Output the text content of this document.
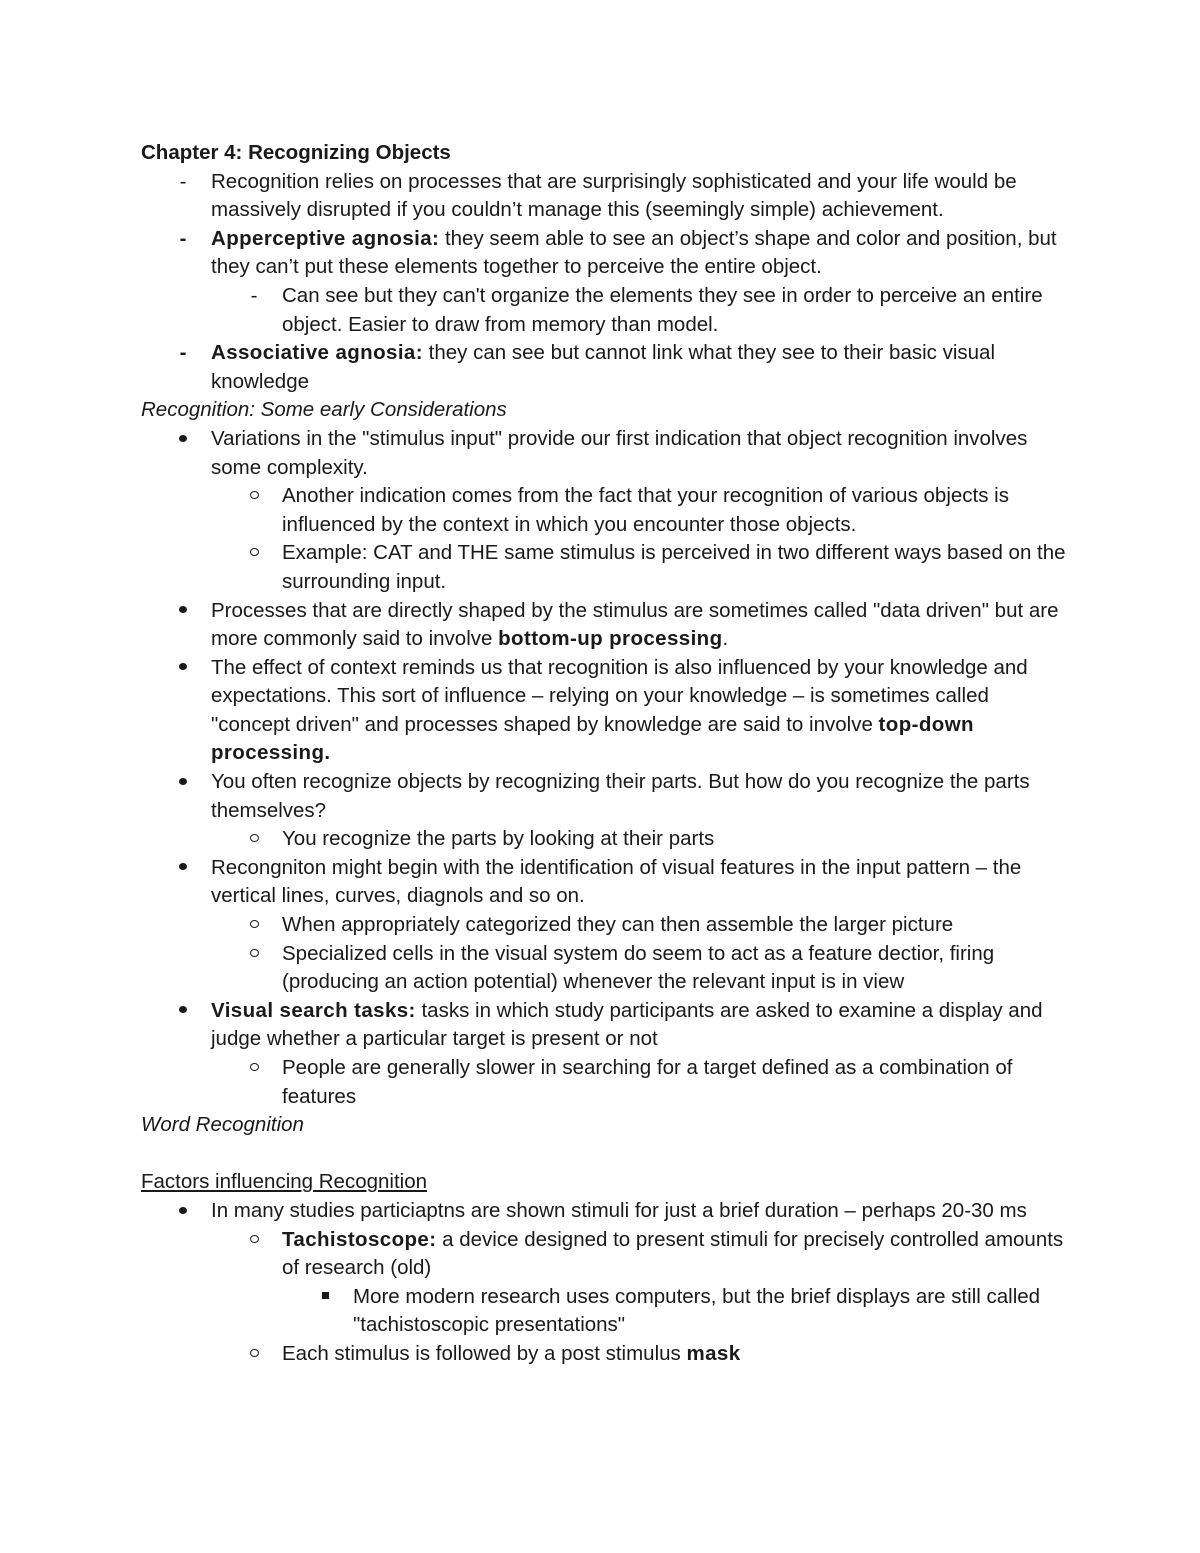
Chapter 4: Recognizing Objects
-	Recognition relies on processes that are surprisingly sophisticated and your life would be massively disrupted if you couldn’t manage this (seemingly simple) achievement.
-	Apperceptive agnosia: they seem able to see an object’s shape and color and position, but they can’t put these elements together to perceive the entire object.
-	Can see but they can't organize the elements they see in order to perceive an entire object. Easier to draw from memory than model.
-	Associative agnosia: they can see but cannot link what they see to their basic visual knowledge
Recognition: Some early Considerations
Variations in the "stimulus input" provide our first indication that object recognition involves some complexity.
Another indication comes from the fact that your recognition of various objects is influenced by the context in which you encounter those objects.
Example: CAT and THE same stimulus is perceived in two different ways based on the surrounding input.
Processes that are directly shaped by the stimulus are sometimes called "data driven" but are more commonly said to involve bottom-up processing.
The effect of context reminds us that recognition is also influenced by your knowledge and expectations. This sort of influence – relying on your knowledge – is sometimes called "concept driven" and processes shaped by knowledge are said to involve top-down processing.
You often recognize objects by recognizing their parts. But how do you recognize the parts themselves?
You recognize the parts by looking at their parts
Recongniton might begin with the identification of visual features in the input pattern – the vertical lines, curves, diagnols and so on.
When appropriately categorized they can then assemble the larger picture
Specialized cells in the visual system do seem to act as a feature dectior, firing (producing an action potential) whenever the relevant input is in view
Visual search tasks: tasks in which study participants are asked to examine a display and judge whether a particular target is present or not
People are generally slower in searching for a target defined as a combination of features
Word Recognition
Factors influencing Recognition
In many studies particiaptns are shown stimuli for just a brief duration – perhaps 20-30 ms
Tachistoscope: a device designed to present stimuli for precisely controlled amounts of research (old)
More modern research uses computers, but the brief displays are still called "tachistoscopic presentations"
Each stimulus is followed by a post stimulus mask
